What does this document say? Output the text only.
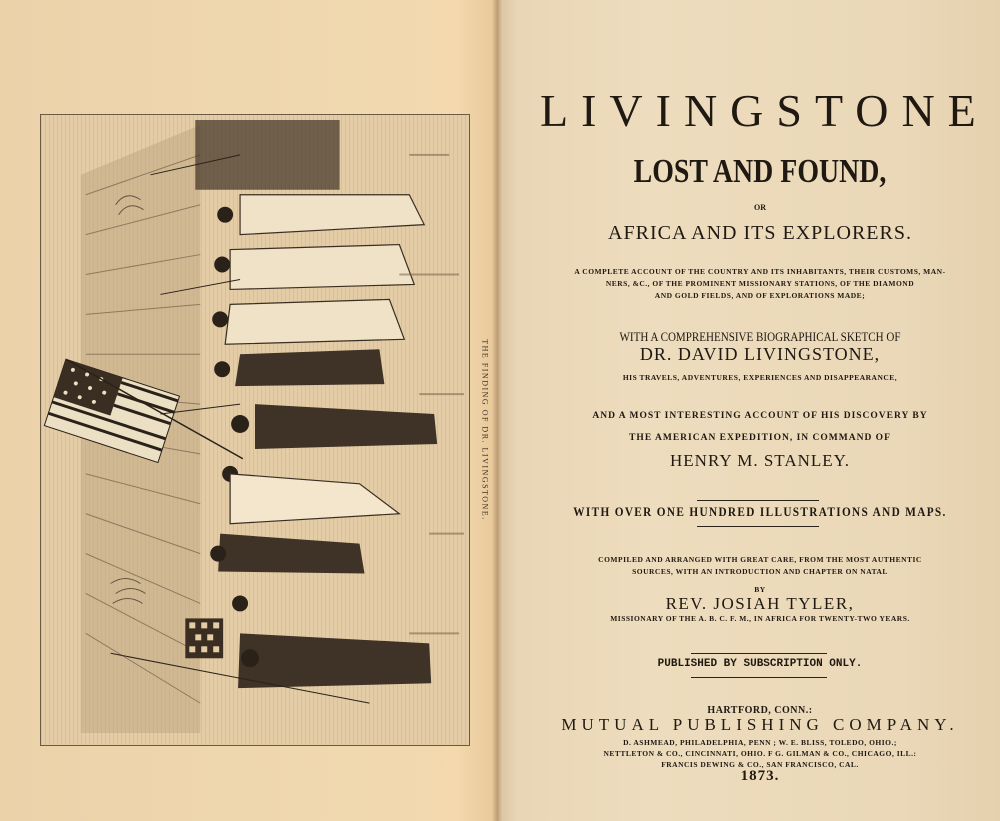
THE FINDING OF DR. LIVINGSTONE.
LIVINGSTONE
LOST AND FOUND,
OR
AFRICA AND ITS EXPLORERS.
A COMPLETE ACCOUNT OF THE COUNTRY AND ITS INHABITANTS, THEIR CUSTOMS, MAN-
NERS, &C., OF THE PROMINENT MISSIONARY STATIONS, OF THE DIAMOND
AND GOLD FIELDS, AND OF EXPLORATIONS MADE;
WITH A COMPREHENSIVE BIOGRAPHICAL SKETCH OF
DR. DAVID LIVINGSTONE,
HIS TRAVELS, ADVENTURES, EXPERIENCES AND DISAPPEARANCE,
AND A MOST INTERESTING ACCOUNT OF HIS DISCOVERY BY
THE AMERICAN EXPEDITION, IN COMMAND OF
HENRY M. STANLEY.
WITH OVER ONE HUNDRED ILLUSTRATIONS AND MAPS.
COMPILED AND ARRANGED WITH GREAT CARE, FROM THE MOST AUTHENTIC
SOURCES, WITH AN INTRODUCTION AND CHAPTER ON NATAL
BY
REV. JOSIAH TYLER,
MISSIONARY OF THE A. B. C. F. M., IN AFRICA FOR TWENTY-TWO YEARS.
PUBLISHED BY SUBSCRIPTION ONLY.
HARTFORD, CONN.:
MUTUAL PUBLISHING COMPANY.
D. ASHMEAD, PHILADELPHIA, PENN ; W. E. BLISS, TOLEDO, OHIO.;
NETTLETON & CO., CINCINNATI, OHIO. F G. GILMAN & CO., CHICAGO, ILL.:
FRANCIS DEWING & CO., SAN FRANCISCO, CAL.
1873.
